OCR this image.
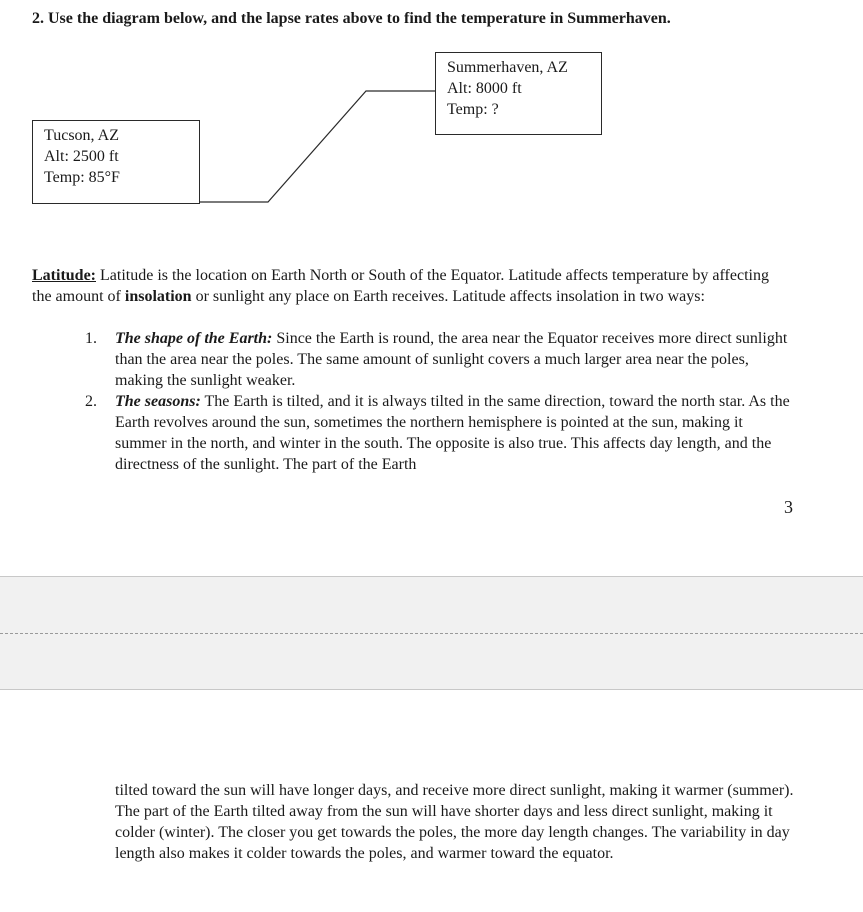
2. Use the diagram below, and the lapse rates above to find the temperature in Summerhaven.
Summerhaven, AZ
Alt: 8000 ft
Temp: ?
Tucson, AZ
Alt: 2500 ft
Temp: 85°F
Latitude: Latitude is the location on Earth North or South of the Equator. Latitude affects temperature by affecting the amount of insolation or sunlight any place on Earth receives. Latitude affects insolation in two ways:
1.	The shape of the Earth: Since the Earth is round, the area near the Equator receives more direct sunlight than the area near the poles. The same amount of sunlight covers a much larger area near the poles, making the sunlight weaker.
2.	The seasons: The Earth is tilted, and it is always tilted in the same direction, toward the north star. As the Earth revolves around the sun, sometimes the northern hemisphere is pointed at the sun, making it summer in the north, and winter in the south. The opposite is also true. This affects day length, and the directness of the sunlight. The part of the Earth
3
tilted toward the sun will have longer days, and receive more direct sunlight, making it warmer (summer). The part of the Earth tilted away from the sun will have shorter days and less direct sunlight, making it colder (winter). The closer you get towards the poles, the more day length changes. The variability in day length also makes it colder towards the poles, and warmer toward the equator.
